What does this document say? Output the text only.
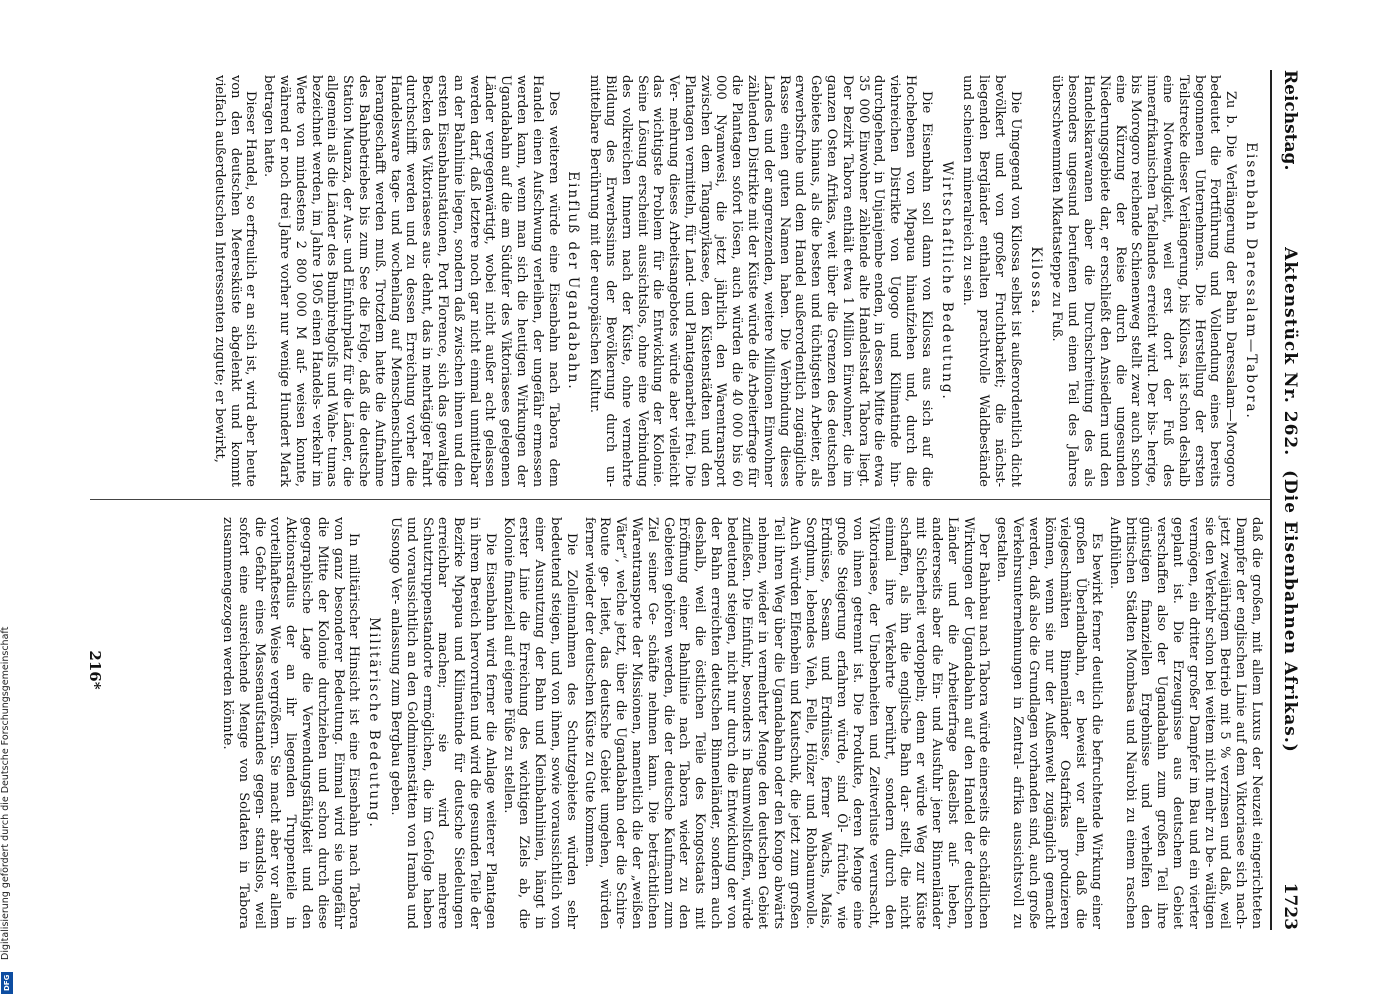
Reichstag.
Aktenstück Nr. 262.  (Die Eisenbahnen Afrikas.)
1723
Eisenbahn Daressalam—Tabora.

Zu b. Die Verlängerung der Bahn Daressalam—Morogoro bedeutet die Fortführung und Vollendung eines bereits begonnenen Unternehmens. Die Herstellung der ersten Teilstrecke dieser Verlängerung, bis Kilossa, ist schon deshalb eine Notwendigkeit, weil erst dort der Fuß des innerafrikanischen Tafellandes erreicht wird. Der bis- herige, bis Morogoro reichende Schienenweg stellt zwar auch schon eine Kürzung der Reise durch die ungesunden Niederungsgebiete dar, er erschließt den Ansiedlern und den Handelskarawanen aber die Durchschreitung des als besonders ungesund berufenen und einen Teil des Jahres überschwemmten Mkattasteppe zu Fuß.

Kilossa.

Die Umgegend von Kilossa selbst ist außerordentlich dicht bevölkert und von großer Fruchtbarkeit; die nächst- liegenden Bergländer enthalten prachtvolle Waldbestände und scheinen mineralreich zu sein.

Wirtschaftliche Bedeutung.

Die Eisenbahn soll dann von Kilossa aus sich auf die Hochebenen von Mpapua hinaufziehen und, durch die viehreichen Distrikte von Ugogo und Kilimatinde hin- durchgehend, in Unjanjembe enden, in dessen Mitte die etwa 35 000 Einwohner zählende alte Handelsstadt Tabora liegt. Der Bezirk Tabora enthält etwa 1 Million Einwohner, die im ganzen Osten Afrikas, weit über die Grenzen des deutschen Gebietes hinaus, als die besten und tüchtigsten Arbeiter, als erwerbsfrohe und dem Handel außerordentlich zugängliche Rasse einen guten Namen haben. Die Verbindung dieses Landes und der angrenzenden, weitere Millionen Einwohner zählenden Distrikte mit der Küste würde die Arbeiterfrage für die Plantagen sofort lösen, auch würden die 40 000 bis 60 000 Nyamwesi, die jetzt jährlich den Warentransport zwischen dem Tanganyikasee, den Küstenstädten und den Plantagen vermitteln, für Land- und Plantagenarbeit frei. Die Ver- mehrung dieses Arbeitsangebotes würde aber vielleicht das wichtigste Problem für die Entwicklung der Kolonie. Seine Lösung erscheint aussichtslos, ohne eine Verbindung des volkreichen Innern nach der Küste, ohne vermehrte Bildung des Erwerbssinns der Bevölkerung durch un- mittelbare Berührung mit der europäischen Kultur.

Einfluß der Ugandabahn.

Des weiteren würde eine Eisenbahn nach Tabora dem Handel einen Aufschwung verleihen, der ungefähr ermessen werden kann, wenn man sich die heutigen Wirkungen der Ugandabahn auf die am Südufer des Viktoriasees gelegenen Länder vergegenwärtigt, wobei nicht außer acht gelassen werden darf, daß letztere noch gar nicht einmal unmittelbar an der Bahnlinie liegen, sondern daß zwischen ihnen und den ersten Eisenbahnstationen, Port Florence, sich das gewaltige Becken des Viktoriasees aus- dehnt, das in mehrtägiger Fahrt durchschifft werden und zu dessen Erreichung vorher die Handelsware tage- und wochenlang auf Menschenschultern herangeschafft werden muß. Trotzdem hatte die Aufnahme des Bahnbetriebes bis zum See die Folge, daß die deutsche Station Muanza, der Aus- und Einfuhrplatz für die Länder, die allgemein als die Länder des Bumbirehgolfs und Wahe- tumas bezeichnet werden, im Jahre 1905 einen Handels- verkehr im Werte von mindestens 2 800 000 M auf- weisen konnte, während er noch drei Jahre vorher nur wenige Hundert Mark betragen hatte.

Dieser Handel, so erfreulich er an sich ist, wird aber heute von den deutschen Meeresküste abgelenkt und kommt vielfach außerdeutschen Interessenten zugute; er bewirkt,

daß die großen, mit allem Luxus der Neuzeit eingerichteten Dampfer der englischen Linie auf dem Viktoriasee sich nach- jetzt zweijährigem Betrieb mit 5 % verzinsen und daß, weil sie den Verkehr schon bei weitem nicht mehr zu be- wältigen vermögen, ein dritter großer Dampfer im Bau und ein vierter geplant ist. Die Erzeugnisse aus deutschem Gebiet verschaffen also der Ugandabahn zum großen Teil ihre günstigen finanziellen Ergebnisse und verhelfen den britischen Städten Mombasa und Nairobi zu einem raschen Aufblühen.

Es bewirkt ferner deutlich die befruchtende Wirkung einer großen Überlandbahn, er beweist vor allem, daß die vielgeschmähten Binnenländer Ostafrikas produzieren können, wenn sie nur der Außenwelt zugänglich gemacht werden, daß also die Grundlagen vorhanden sind, auch große Verkehrsunternehmungen in Zentral- afrika aussichtsvoll zu gestalten.

Der Bahnbau nach Tabora würde einerseits die schädlichen Wirkungen der Ugandabahn auf den Handel der deutschen Länder und die Arbeiterfrage daselbst auf- heben, andererseits aber die Ein- und Ausfuhr jener Binnenländer mit Sicherheit verdoppeln; denn er würde Weg zur Küste schaffen, als ihn die englische Bahn dar- stellt, die nicht einmal ihre Verkehrte berührt, sondern durch den Viktoriasee, der Unebenheiten und Zeitverluste verursacht, von ihnen getrennt ist. Die Produkte, deren Menge eine große Steigerung erfahren würde, sind Öl- früchte, wie Erdnüsse, Sesam und Erdnüsse, ferner Wachs, Mais, Sorghum, lebendes Vieh, Felle, Hölzer und Rohbaumwolle. Auch würden Elfenbein und Kautschuk, die jetzt zum großen Teil ihren Weg über die Ugandabahn oder den Kongo abwärts nehmen, wieder in vermehrter Menge den deutschen Gebiet zufließen. Die Einfuhr, besonders in Baumwollstoffen, würde bedeutend steigen, nicht nur durch die Entwicklung der von der Bahn erreichten deutschen Binnenländer, sondern auch deshalb, weil die östlichen Teile des Kongostaats mit Eröffnung einer Bahnlinie nach Tabora wieder zu den Gebieten gehören werden, die der deutsche Kaufmann zum Ziel seiner Ge- schäfte nehmen kann. Die beträchtlichen Warentransporte der Missionen, namentlich die der „weißen Väter“, welche jetzt, über die Ugandabahn oder die Schire-Route ge- leitet, das deutsche Gebiet umgehen, würden ferner wieder der deutschen Küste zu Gute kommen.

Die Zolleinnahmen des Schutzgebietes würden sehr bedeutend steigen, und von ihnen, sowie voraussichtlich von einer Ausnutzung der Bahn und Kleinbahnlinien, hängt in erster Linie die Erreichung des wichtigen Ziels ab, die Kolonie finanziell auf eigene Füße zu stellen.

Die Eisenbahn wird ferner die Anlage weiterer Plantagen in ihrem Bereich hervorrufen und wird die gesunden Teile der Bezirke Mpapua und Kilimatinde für deutsche Siedelungen erreichbar machen; sie wird mehrere Schutztruppenstandorte ermöglichen, die im Gefolge haben und voraussichtlich an den Goldminenstätten von Iramba und Ussongo Ver- anlassung zum Bergbau geben.

Militärische Bedeutung.

In militärischer Hinsicht ist eine Eisenbahn nach Tabora von ganz besonderer Bedeutung. Einmal wird sie ungefähr die Mitte der Kolonie durchziehen und schon durch diese geographische Lage die Verwendungsfähigkeit und den Aktionsradius der an ihr liegenden Truppenteile in vorteilhaftester Weise vergrößern. Sie macht aber vor allem die Gefahr eines Massenaufstandes gegen- standslos, weil sofort eine ausreichende Menge von Soldaten in Tabora zusammengezogen werden könnte.

216*
Digitalisierung gefördert durch die Deutsche Forschungsgemeinschaft
DFG
